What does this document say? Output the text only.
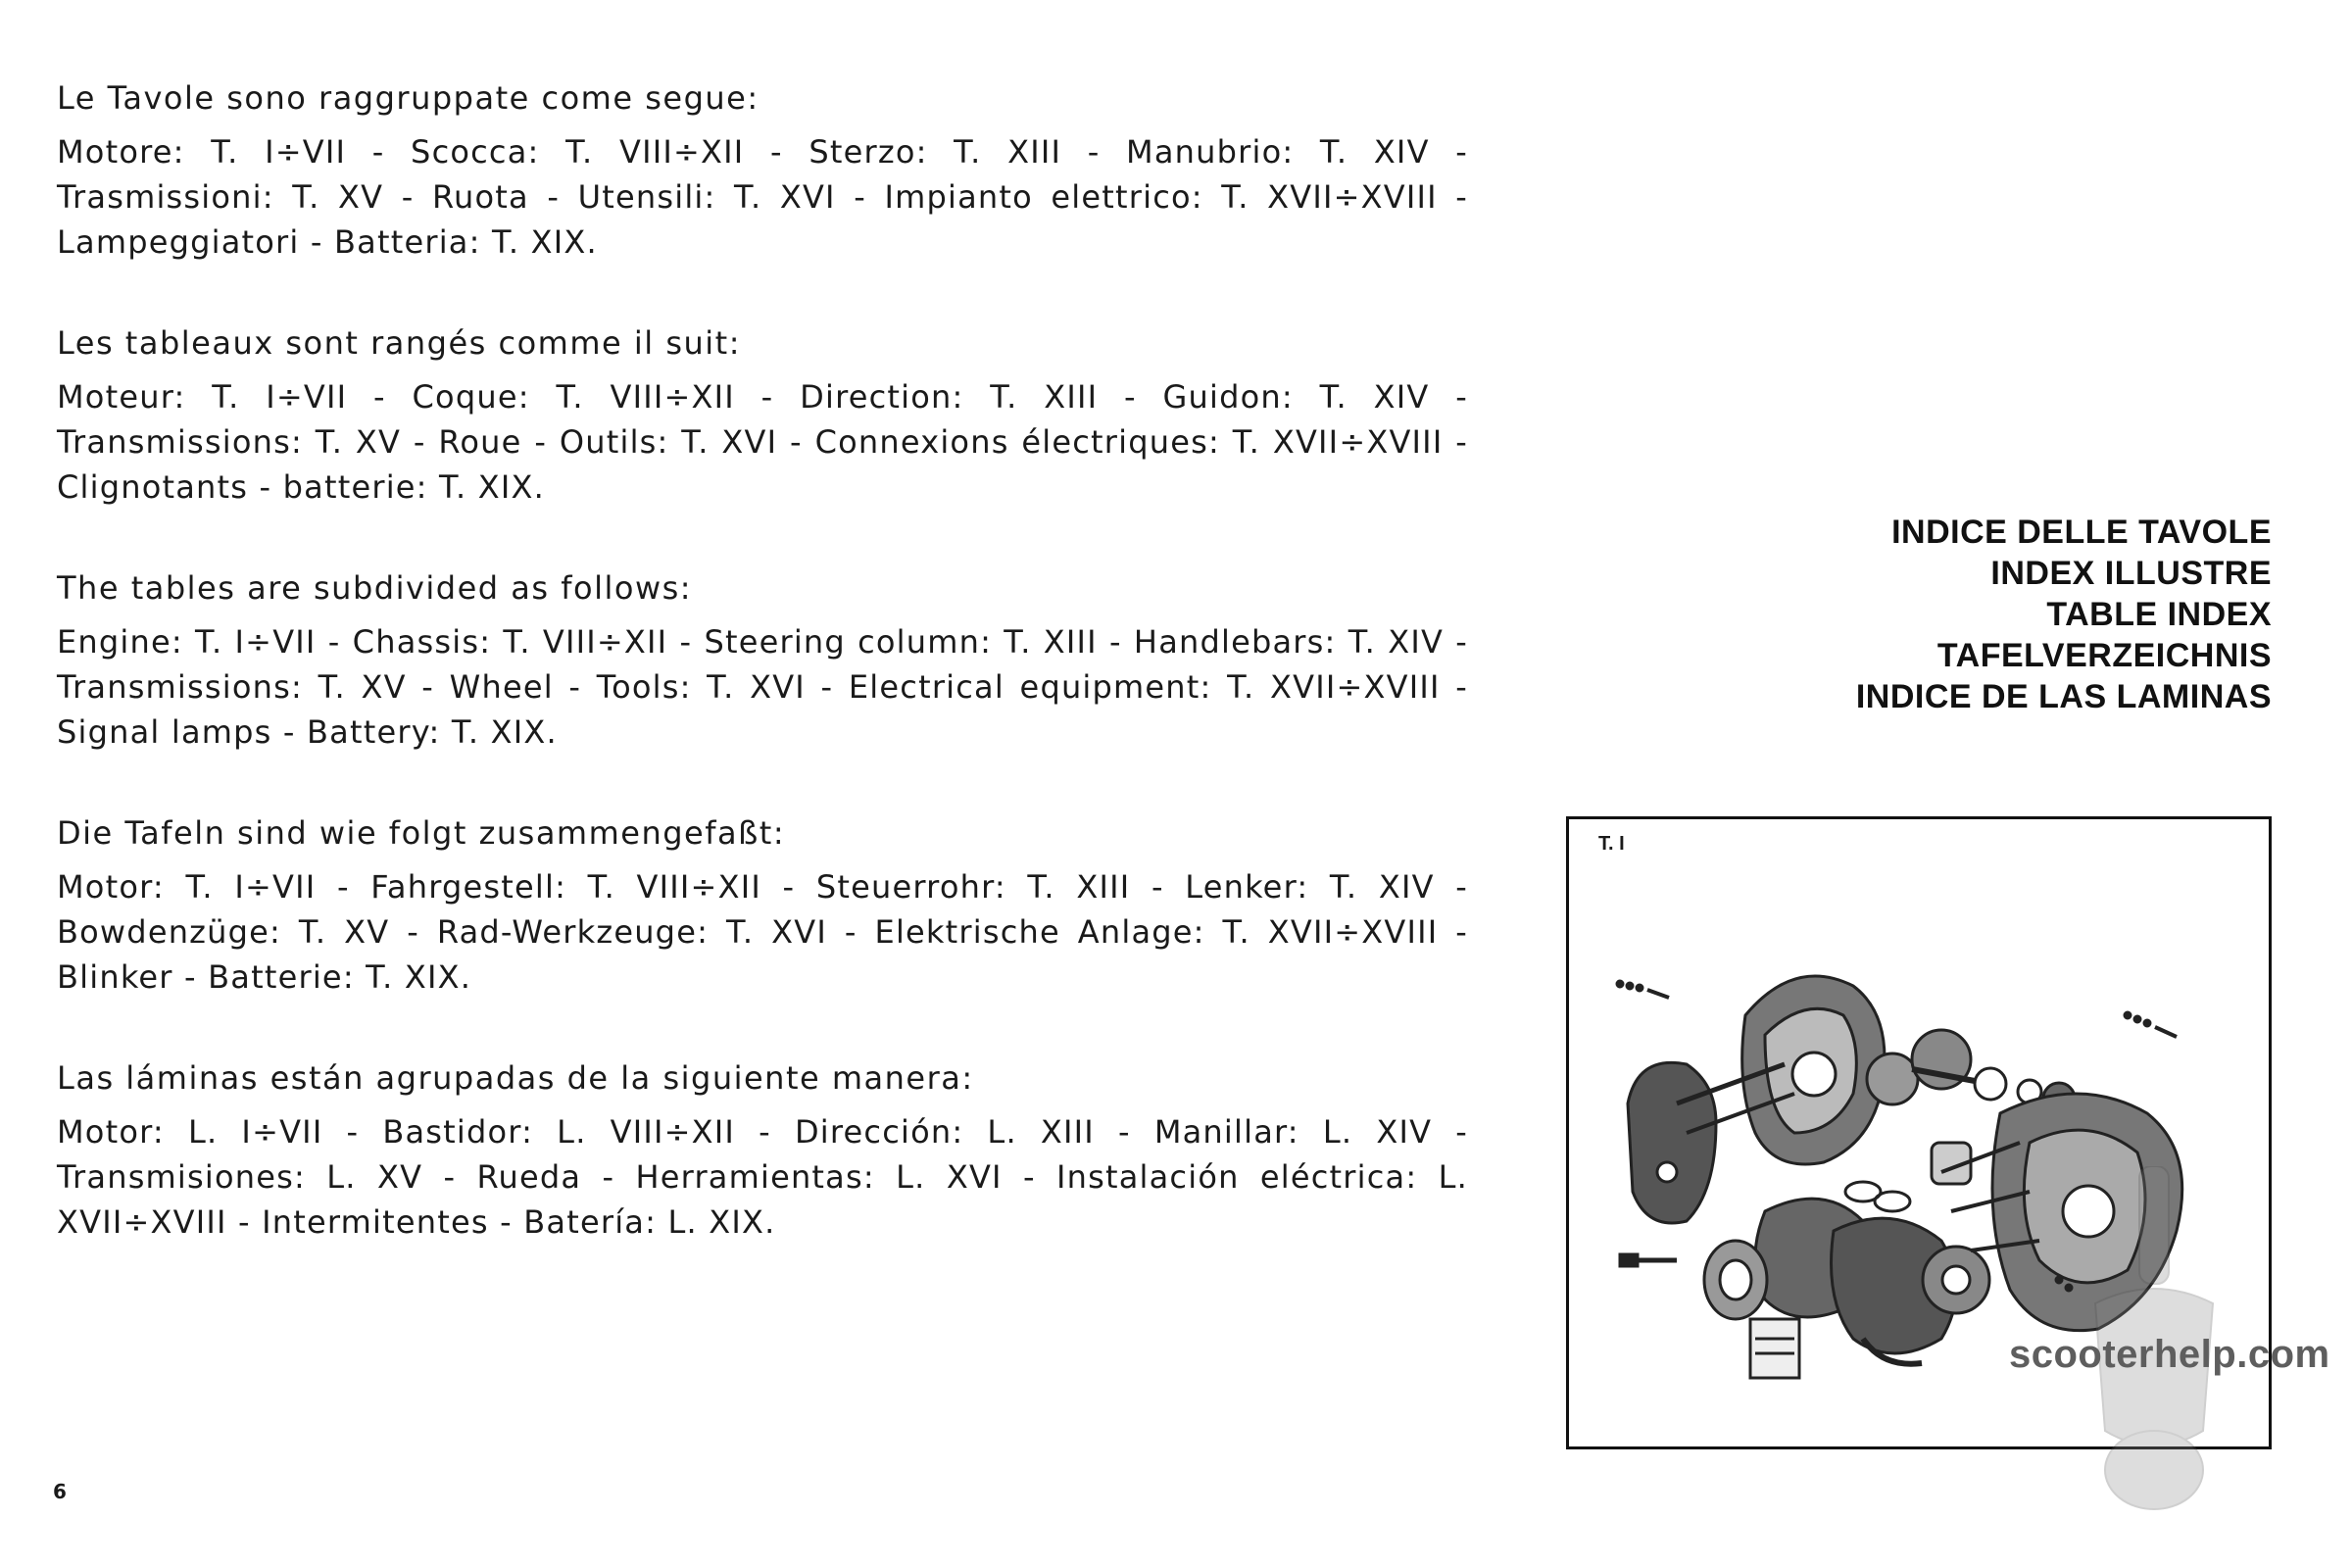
Le Tavole sono raggruppate come segue:

Motore: T. I÷VII - Scocca: T. VIII÷XII - Sterzo: T. XIII - Manubrio: T. XIV - Trasmissioni: T. XV - Ruota - Utensili: T. XVI - Impianto elettrico: T. XVII÷XVIII - Lampeggiatori - Batteria: T. XIX.

Les tableaux sont rangés comme il suit:

Moteur: T. I÷VII - Coque: T. VIII÷XII - Direction: T. XIII - Guidon: T. XIV - Transmissions: T. XV - Roue - Outils: T. XVI - Connexions électriques: T. XVII÷XVIII - Clignotants - batterie: T. XIX.

The tables are subdivided as follows:

Engine: T. I÷VII - Chassis: T. VIII÷XII - Steering column: T. XIII - Handlebars: T. XIV - Transmissions: T. XV - Wheel - Tools: T. XVI - Electrical equipment: T. XVII÷XVIII - Signal lamps - Battery: T. XIX.

Die Tafeln sind wie folgt zusammengefaßt:

Motor: T. I÷VII - Fahrgestell: T. VIII÷XII - Steuerrohr: T. XIII - Lenker: T. XIV - Bowdenzüge: T. XV - Rad-Werkzeuge: T. XVI - Elektrische Anlage: T. XVII÷XVIII - Blinker - Batterie: T. XIX.

Las láminas están agrupadas de la siguiente manera:

Motor: L. I÷VII - Bastidor: L. VIII÷XII - Dirección: L. XIII - Manillar: L. XIV - Transmisiones: L. XV - Rueda - Herramientas: L. XVI - Instalación eléctrica: L. XVII÷XVIII - Intermitentes - Batería: L. XIX.

6
INDICE DELLE TAVOLE
INDEX ILLUSTRE
TABLE INDEX
TAFELVERZEICHNIS
INDICE DE LAS LAMINAS
T. I
scooterhelp.com
